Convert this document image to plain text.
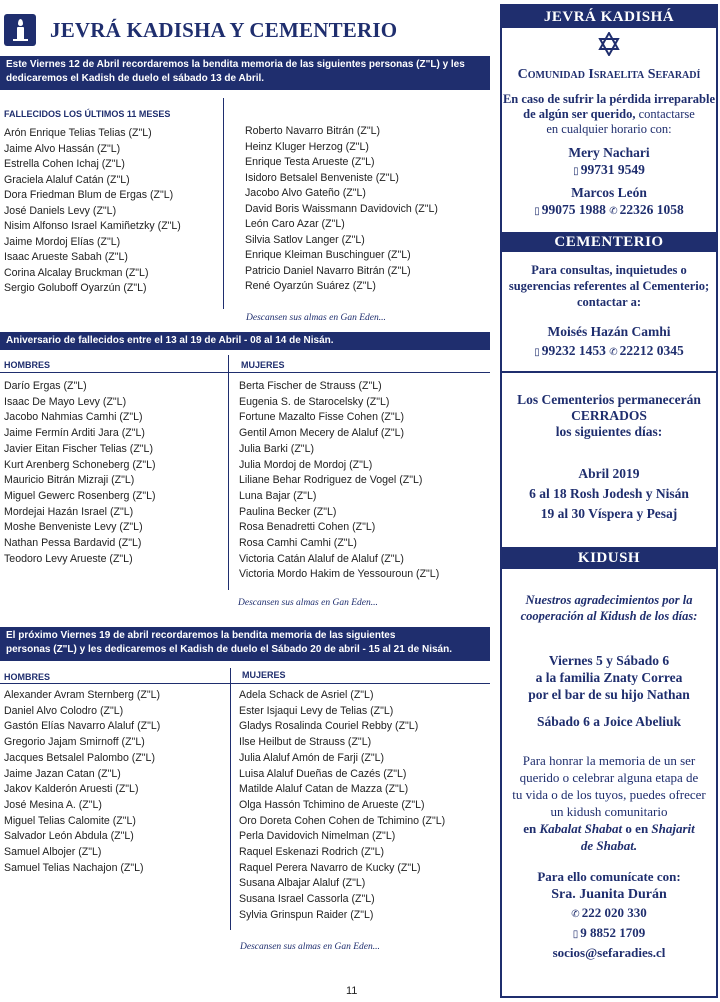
JEVRÁ KADISHA Y CEMENTERIO
Este Viernes 12 de Abril recordaremos la bendita memoria de las siguientes personas (Z"L) y les
dedicaremos el Kadish de duelo el sábado 13 de Abril.
FALLECIDOS LOS ÚLTIMOS 11 MESES
Arón Enrique Telias Telias (Z"L)
Jaime Alvo Hassán (Z"L)
Estrella Cohen Ichaj (Z"L)
Graciela Alaluf Catán (Z"L)
Dora Friedman Blum de Ergas (Z"L)
José Daniels Levy (Z"L)
Nisim Alfonso Israel Kamiñetzky (Z"L)
Jaime Mordoj Elías (Z"L)
Isaac Arueste Sabah (Z"L)
Corina Alcalay Bruckman (Z"L)
Sergio Goluboff Oyarzún (Z"L)
Roberto Navarro Bitrán (Z"L)
Heinz Kluger Herzog (Z"L)
Enrique Testa Arueste (Z"L)
Isidoro Betsalel Benveniste (Z"L)
Jacobo Alvo Gateño (Z"L)
David Boris Waissmann Davidovich (Z"L)
León Caro Azar (Z"L)
Silvia Satlov Langer (Z"L)
Enrique Kleiman Buschinguer (Z"L)
Patricio Daniel Navarro Bitrán (Z"L)
René Oyarzún Suárez (Z"L)
Descansen sus almas en Gan Eden...
Aniversario de fallecidos entre el 13 al 19 de Abril - 08 al 14 de Nisán.
HOMBRES	MUJERES
Darío Ergas (Z"L)
Isaac De Mayo Levy (Z"L)
Jacobo Nahmias Camhi (Z"L)
Jaime Fermín Arditi Jara (Z"L)
Javier Eitan Fischer Telias (Z"L)
Kurt Arenberg Schoneberg (Z"L)
Mauricio Bitrán Mizraji (Z"L)
Miguel Gewerc Rosenberg (Z"L)
Mordejai Hazán Israel (Z"L)
Moshe Benveniste Levy (Z"L)
Nathan Pessa Bardavid (Z"L)
Teodoro Levy Arueste (Z"L)
Berta Fischer de Strauss (Z"L)
Eugenia S. de Starocelsky (Z"L)
Fortune Mazalto Fisse Cohen (Z"L)
Gentil Amon Mecery de Alaluf (Z"L)
Julia Barki (Z"L)
Julia Mordoj de Mordoj (Z"L)
Liliane Behar Rodriguez de Vogel (Z"L)
Luna Bajar (Z"L)
Paulina Becker (Z"L)
Rosa Benadretti Cohen (Z"L)
Rosa Camhi Camhi (Z"L)
Victoria Catán Alaluf de Alaluf (Z"L)
Victoria Mordo Hakim de Yessouroun (Z"L)
Descansen sus almas en Gan Eden...
El próximo Viernes 19 de abril recordaremos la bendita memoria de las siguientes
personas (Z"L) y les dedicaremos el Kadish de duelo el Sábado 20 de abril - 15 al 21 de Nisán.
HOMBRES	MUJERES
Alexander Avram Sternberg (Z"L)
Daniel Alvo Colodro (Z"L)
Gastón Elías Navarro Alaluf (Z"L)
Gregorio Jajam Smirnoff (Z"L)
Jacques Betsalel Palombo (Z"L)
Jaime Jazan Catan (Z"L)
Jakov Kalderón Aruesti (Z"L)
José Mesina A. (Z"L)
Miguel Telias Calomite (Z"L)
Salvador León Abdula (Z"L)
Samuel Albojer (Z"L)
Samuel Telias Nachajon (Z"L)
Adela Schack de Asriel (Z"L)
Ester Isjaqui Levy de Telias (Z"L)
Gladys Rosalinda Couriel Rebby (Z"L)
Ilse Heilbut de Strauss (Z"L)
Julia Alaluf Amón de Farji (Z"L)
Luisa Alaluf Dueñas de Cazés (Z"L)
Matilde Alaluf Catan de Mazza (Z"L)
Olga Hassón Tchimino de Arueste (Z"L)
Oro Doreta Cohen Cohen de Tchimino (Z"L)
Perla Davidovich Nimelman (Z"L)
Raquel Eskenazi Rodrich (Z"L)
Raquel Perera Navarro de Kucky (Z"L)
Susana Albajar Alaluf (Z"L)
Susana Israel Cassorla (Z"L)
Sylvia Grinspun Raider (Z"L)
Descansen sus almas en Gan Eden...
11
JEVRÁ KADISHÁ
Comunidad Israelita Sefaradí
En caso de sufrir la pérdida irreparable
de algún ser querido, contactarse
en cualquier horario con:
Mery Nachari
▯ 99731 9549
Marcos León
▯ 99075 1988 ✆ 22326 1058
CEMENTERIO
Para consultas, inquietudes o
sugerencias referentes al Cementerio;
contactar a:
Moisés Hazán Camhi
▯ 99232 1453 ✆ 22212 0345
Los Cementerios permanecerán
CERRADOS
los siguientes días:
Abril 2019
6 al 18 Rosh Jodesh y Nisán
19 al 30 Víspera y Pesaj
KIDUSH
Nuestros agradecimientos por la
cooperación al Kidush de los días:
Viernes 5 y Sábado 6
a la familia Znaty Correa
por el bar de su hijo Nathan
Sábado 6 a Joice Abeliuk
Para honrar la memoria de un ser
querido o celebrar alguna etapa de
tu vida o de los tuyos, puedes ofrecer
un kidush comunitario
en Kabalat Shabat o en Shajarit
de Shabat.
Para ello comunícate con:
Sra. Juanita Durán
✆ 222 020 330
▯ 9 8852 1709
socios@sefaradies.cl
